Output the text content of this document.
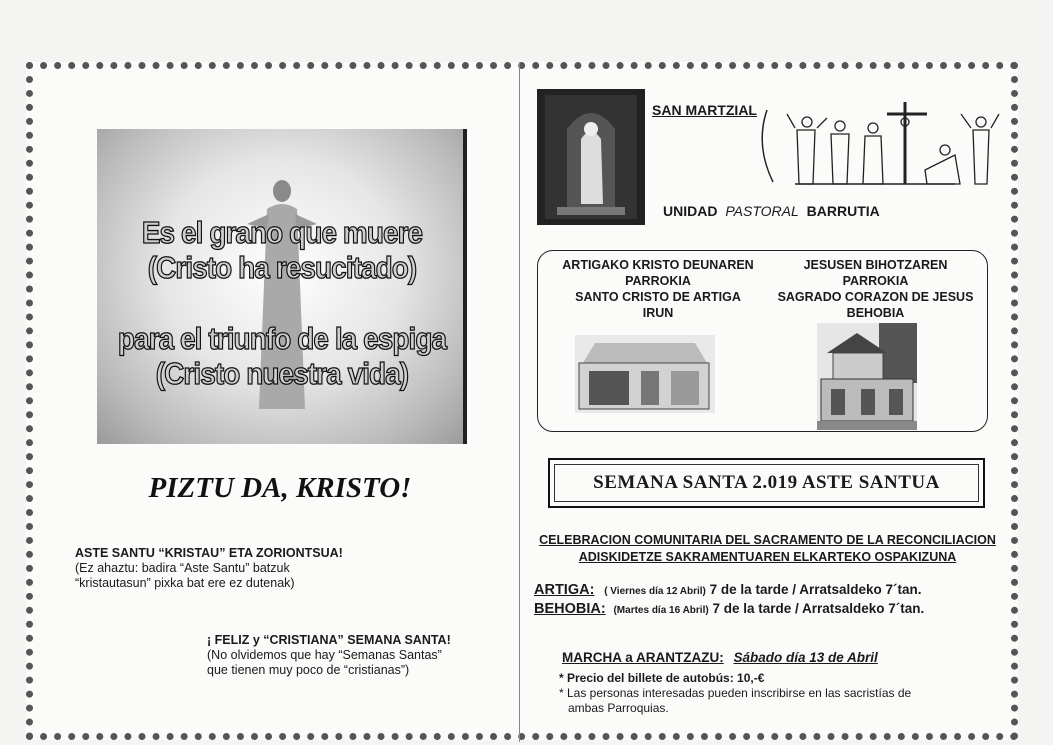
Es el grano que muere
(Cristo ha resucitado)
para el triunfo de la espiga
(Cristo nuestra vida)
PIZTU DA, KRISTO!
ASTE SANTU “KRISTAU” ETA ZORIONTSUA!
(Ez ahaztu: badira “Aste Santu” batzuk
“kristautasun” pixka bat ere ez dutenak)
¡ FELIZ y “CRISTIANA” SEMANA SANTA!
(No olvidemos que hay “Semanas Santas”
que tienen muy poco de “cristianas”)
SAN MARTZIAL
UNIDAD PASTORAL BARRUTIA
ARTIGAKO KRISTO DEUNAREN
PARROKIA
SANTO CRISTO DE ARTIGA
IRUN
JESUSEN BIHOTZAREN
PARROKIA
SAGRADO CORAZON DE JESUS
BEHOBIA
SEMANA SANTA 2.019 ASTE SANTUA
CELEBRACION COMUNITARIA DEL SACRAMENTO DE LA RECONCILIACION
ADISKIDETZE SAKRAMENTUAREN ELKARTEKO OSPAKIZUNA
ARTIGA: ( Viernes día 12 Abril) 7 de la tarde / Arratsaldeko 7´tan.
BEHOBIA: (Martes día 16 Abril) 7 de la tarde / Arratsaldeko 7´tan.
MARCHA a ARANTZAZU: Sábado día 13 de Abril
* Precio del billete de autobús: 10,-€
* Las personas interesadas pueden inscribirse en las sacristías de
ambas Parroquias.
